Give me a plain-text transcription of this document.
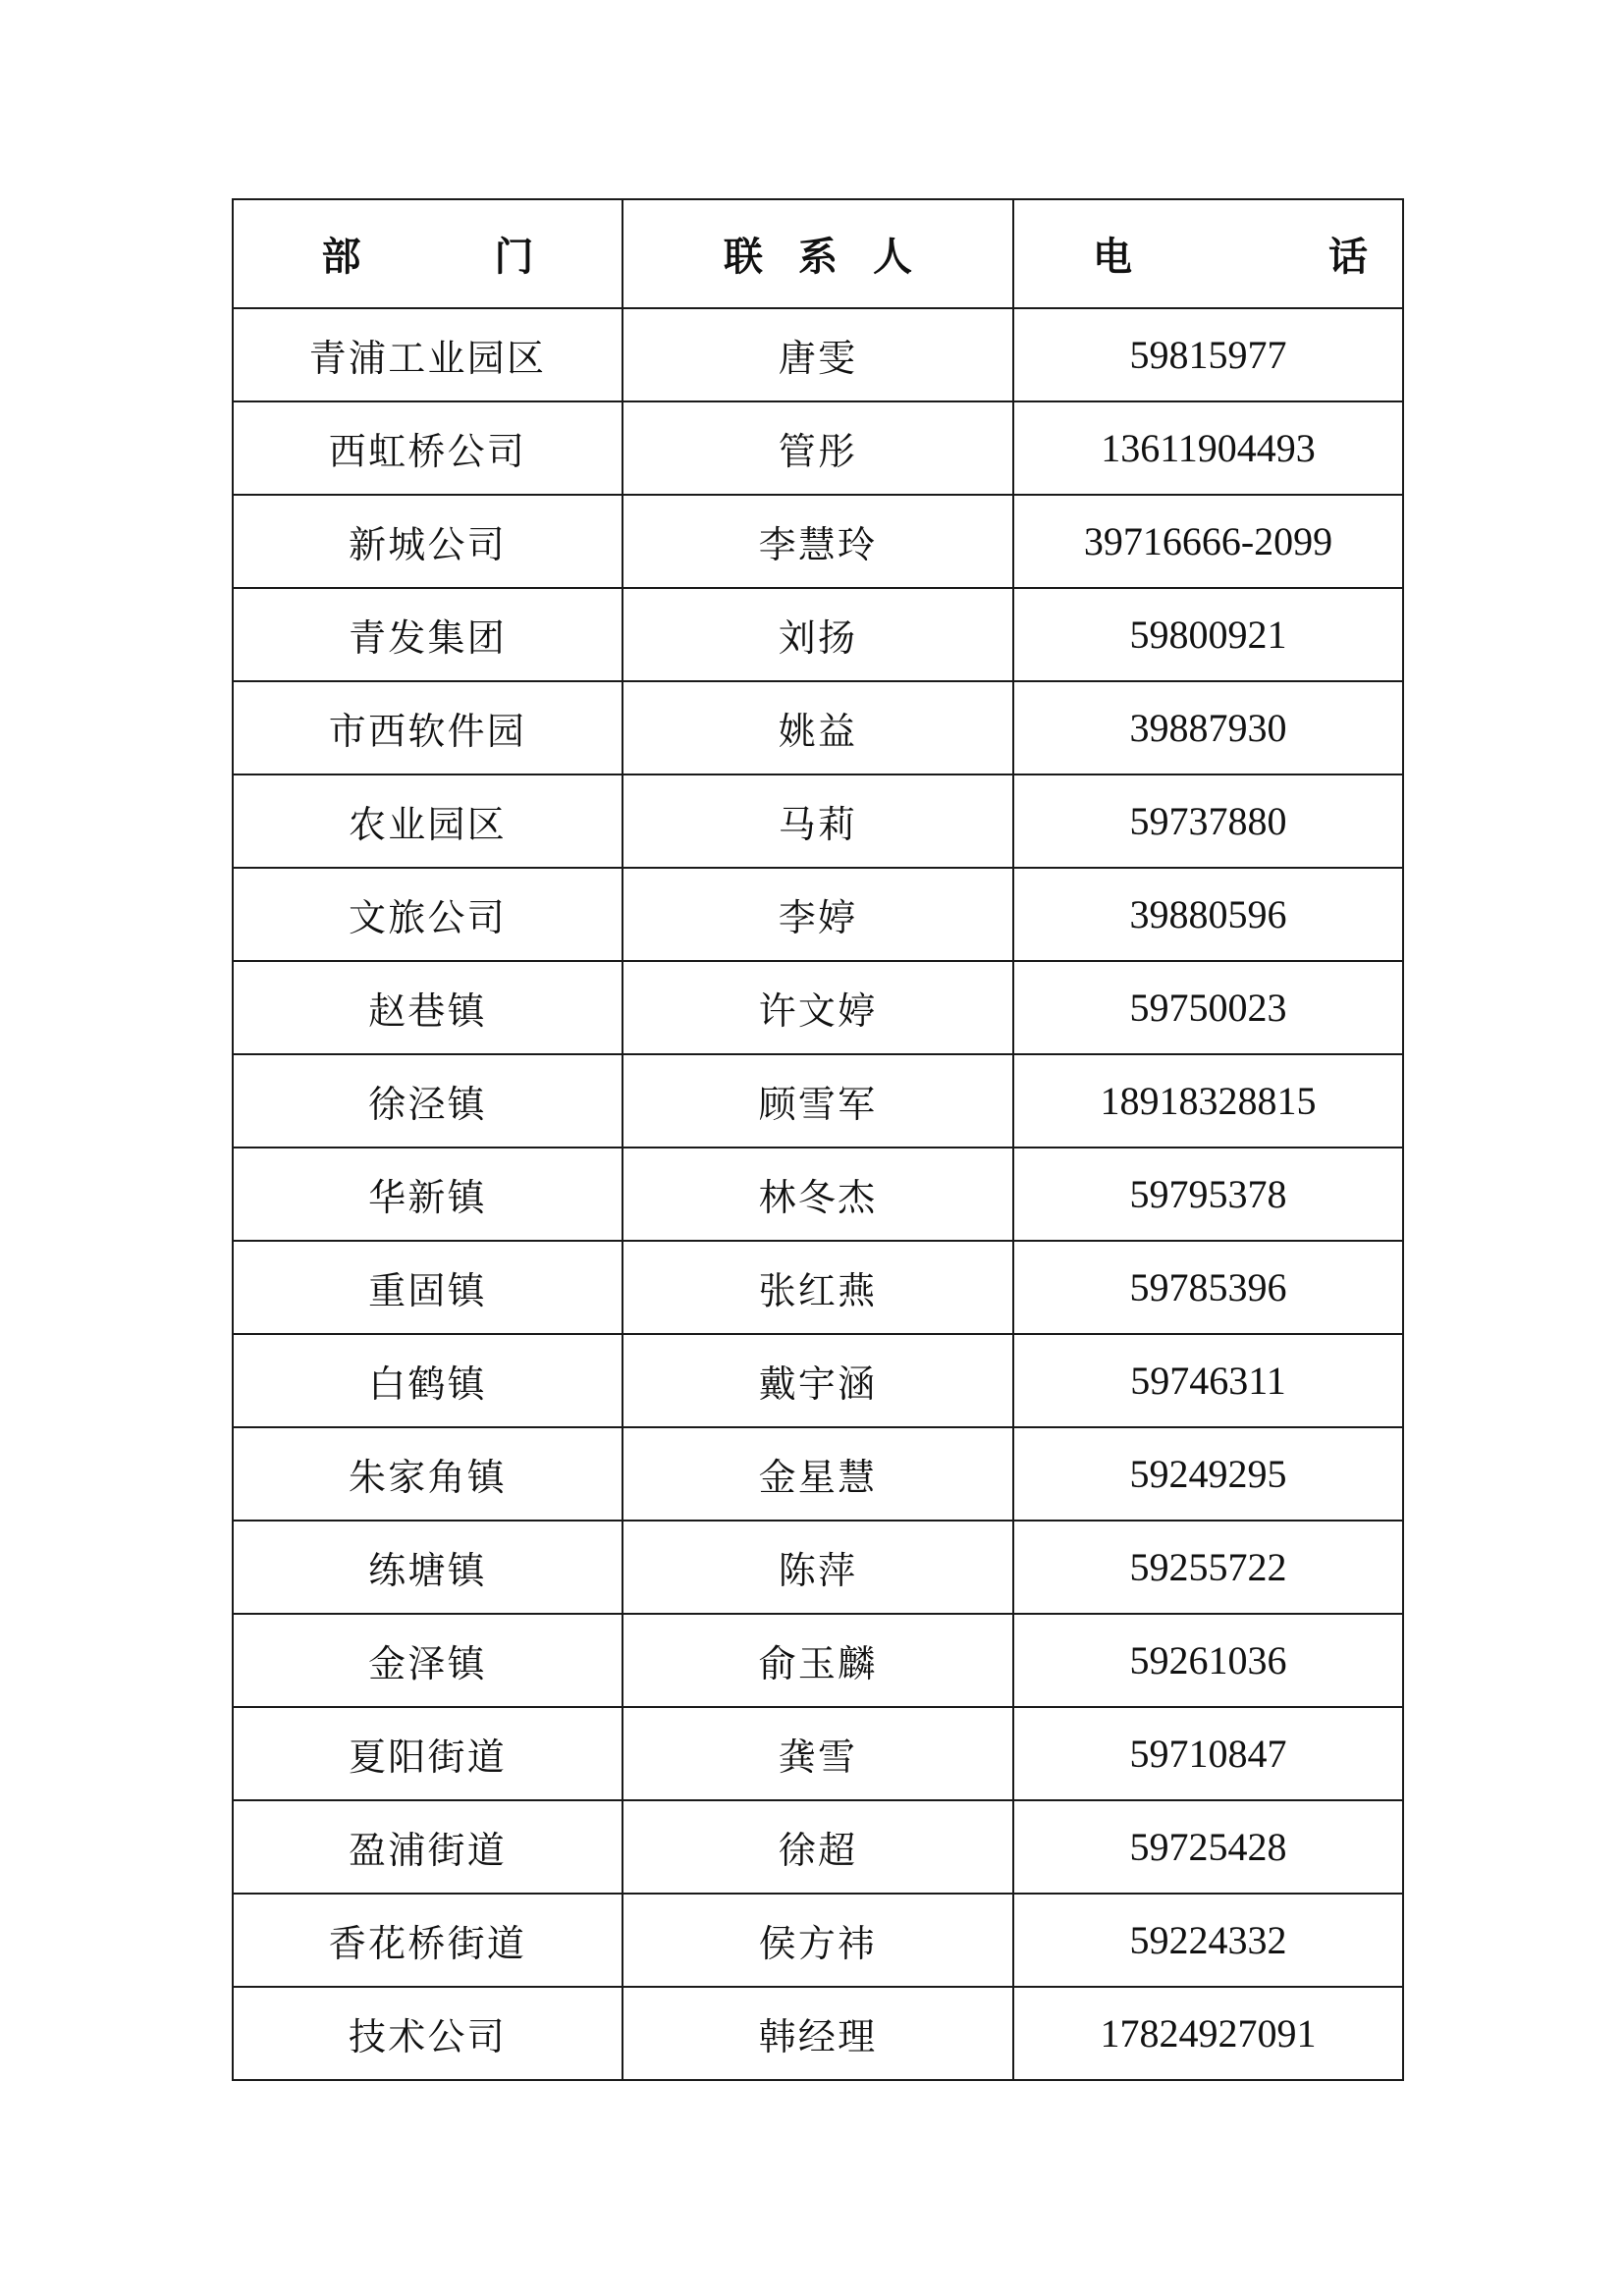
部　门	联系人	电　话
青浦工业园区	唐雯	59815977
西虹桥公司	管彤	13611904493
新城公司	李慧玲	39716666-2099
青发集团	刘扬	59800921
市西软件园	姚益	39887930
农业园区	马莉	59737880
文旅公司	李婷	39880596
赵巷镇	许文婷	59750023
徐泾镇	顾雪军	18918328815
华新镇	林冬杰	59795378
重固镇	张红燕	59785396
白鹤镇	戴宇涵	59746311
朱家角镇	金星慧	59249295
练塘镇	陈萍	59255722
金泽镇	俞玉麟	59261036
夏阳街道	龚雪	59710847
盈浦街道	徐超	59725428
香花桥街道	侯方祎	59224332
技术公司	韩经理	17824927091
